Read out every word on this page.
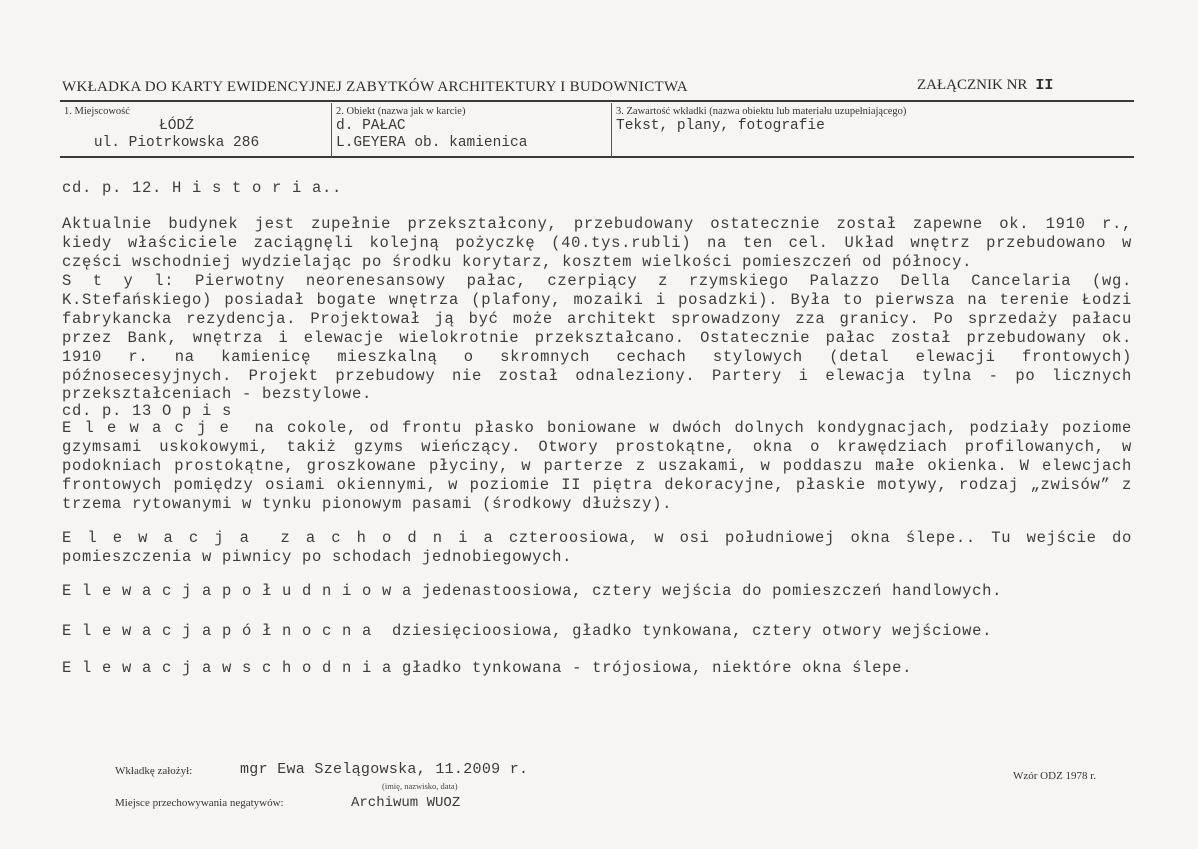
WKŁADKA DO KARTY EWIDENCYJNEJ ZABYTKÓW ARCHITEKTURY I BUDOWNICTWA	ZAŁĄCZNIK NR II
1. Miejscowość
ŁÓDŹ
ul. Piotrkowska 286
2. Obiekt (nazwa jak w karcie)
d. PAŁAC
L.GEYERA ob. kamienica
3. Zawartość wkładki (nazwa obiektu lub materiału uzupełniającego)
Tekst, plany, fotografie
cd. p. 12. H i s t o r i a..
Aktualnie budynek jest zupełnie przekształcony, przebudowany ostatecznie został zapewne ok. 1910 r.,
kiedy właściciele zaciągnęli kolejną pożyczkę (40.tys.rubli) na ten cel. Układ wnętrz przebudowano w
części wschodniej wydzielając po środku korytarz, kosztem wielkości pomieszczeń od północy.
S t y l: Pierwotny neorenesansowy pałac, czerpiący z rzymskiego Palazzo Della Cancelaria (wg.
K.Stefańskiego) posiadał bogate wnętrza (plafony, mozaiki i posadzki). Była to pierwsza na terenie Łodzi
fabrykancka rezydencja. Projektował ją być może architekt sprowadzony zza granicy. Po sprzedaży pałacu
przez Bank, wnętrza i elewacje wielokrotnie przekształcano. Ostatecznie pałac został przebudowany ok.
1910 r. na kamienicę mieszkalną o skromnych cechach stylowych (detal elewacji frontowych)
późnosecesyjnych. Projekt przebudowy nie został odnaleziony. Partery i elewacja tylna - po licznych
przekształceniach - bezstylowe.
cd. p. 13 O p i s
E l e w a c j e  na cokole, od frontu płasko boniowane w dwóch dolnych kondygnacjach, podziały poziome
gzymsami uskokowymi, takiż gzyms wieńczący. Otwory prostokątne, okna o krawędziach profilowanych, w
podokniach prostokątne, groszkowane płyciny, w parterze z uszakami, w poddaszu małe okienka. W elewcjach
frontowych pomiędzy osiami okiennymi, w poziomie II piętra dekoracyjne, płaskie motywy, rodzaj „zwisów” z
trzema rytowanymi w tynku pionowym pasami (środkowy dłuższy).
E l e w a c j a  z a c h o d n i a czteroosiowa, w osi południowej okna ślepe.. Tu wejście do
pomieszczenia w piwnicy po schodach jednobiegowych.
E l e w a c j a p o ł u d n i o w a jedenastoosiowa, cztery wejścia do pomieszczeń handlowych.
E l e w a c j a p ó ł n o c n a  dziesięcioosiowa, gładko tynkowana, cztery otwory wejściowe.
E l e w a c j a w s c h o d n i a gładko tynkowana - trójosiowa, niektóre okna ślepe.
Wkładkę założył:	mgr Ewa Szelągowska, 11.2009 r.
(imię, nazwisko, data)
Miejsce przechowywania negatywów:	Archiwum WUOZ
Wzór ODZ 1978 r.
